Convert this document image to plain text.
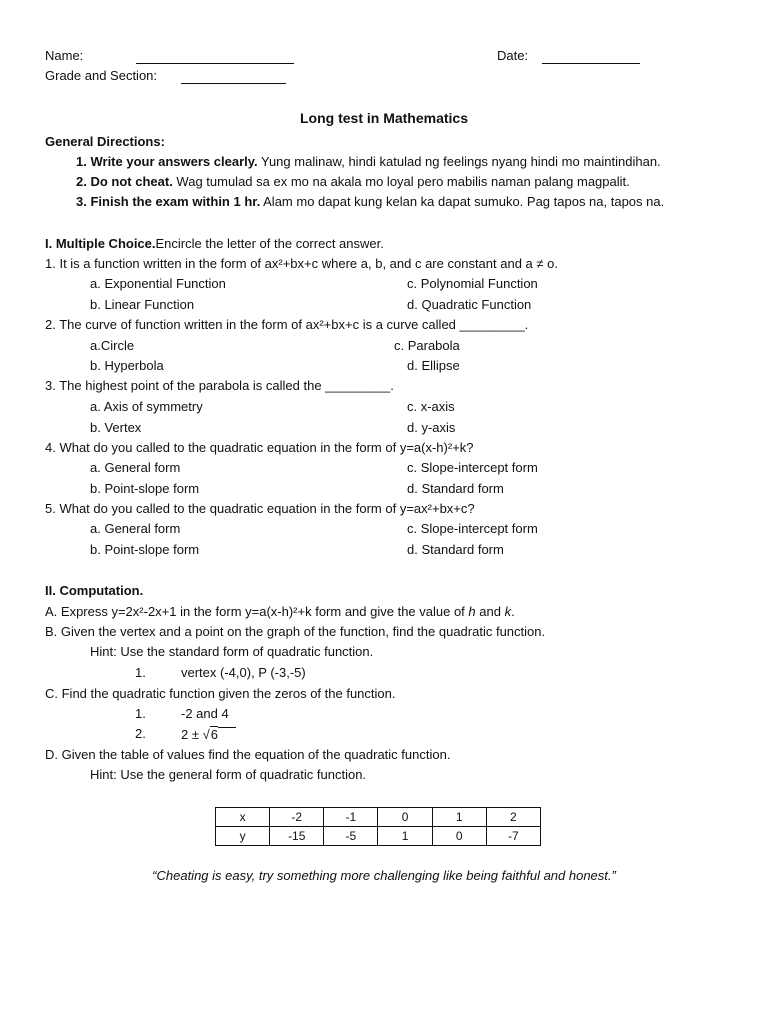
Name:	Date:
Grade and Section:
Long test in Mathematics
General Directions:
1. Write your answers clearly. Yung malinaw, hindi katulad ng feelings nyang hindi mo maintindihan.
2. Do not cheat. Wag tumulad sa ex mo na akala mo loyal pero mabilis naman palang magpalit.
3. Finish the exam within 1 hr. Alam mo dapat kung kelan ka dapat sumuko. Pag tapos na, tapos na.
I. Multiple Choice.Encircle the letter of the correct answer.
1. It is a function written in the form of ax²+bx+c where a, b, and c are constant and a ≠ o.
a. Exponential Function	c. Polynomial Function
b. Linear Function	d. Quadratic Function
2. The curve of function written in the form of ax²+bx+c is a curve called _________.
a.Circle	c. Parabola
b. Hyperbola	d. Ellipse
3. The highest point of the parabola is called the _________.
a. Axis of symmetry	c. x-axis
b. Vertex	d. y-axis
4. What do you called to the quadratic equation in the form of y=a(x-h)²+k?
a. General form	c. Slope-intercept form
b. Point-slope form	d. Standard form
5. What do you called to the quadratic equation in the form of y=ax²+bx+c?
a. General form	c. Slope-intercept form
b. Point-slope form	d. Standard form
II. Computation.
A. Express y=2x²-2x+1 in the form y=a(x-h)²+k form and give the value of h and k.
B. Given the vertex and a point on the graph of the function, find the quadratic function.
Hint: Use the standard form of quadratic function.
1.	vertex (-4,0), P (-3,-5)
C. Find the quadratic function given the zeros of the function.
1.	-2 and 4
2.	2 ± √6
D. Given the table of values find the equation of the quadratic function.
Hint: Use the general form of quadratic function.
x	-2	-1	0	1	2
y	-15	-5	1	0	-7
“Cheating is easy, try something more challenging like being faithful and honest.”
